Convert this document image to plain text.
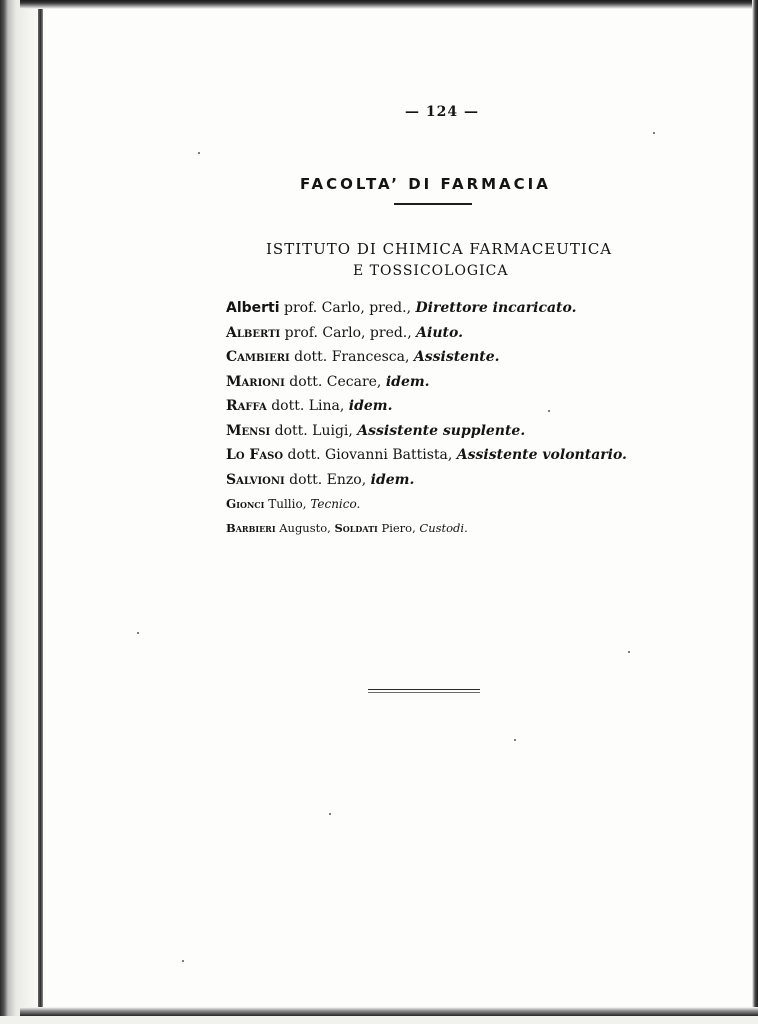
— 124 —
FACOLTA’ DI FARMACIA
ISTITUTO DI CHIMICA FARMACEUTICA
E TOSSICOLOGICA
Alberti prof. Carlo, pred., Direttore incaricato.
Alberti prof. Carlo, pred., Aiuto.
Cambieri dott. Francesca, Assistente.
Marioni dott. Cecare, idem.
Raffa dott. Lina, idem.
Mensi dott. Luigi, Assistente supplente.
Lo Faso dott. Giovanni Battista, Assistente volontario.
Salvioni dott. Enzo, idem.
Gionci Tullio, Tecnico.
Barbieri Augusto, Soldati Piero, Custodi.
